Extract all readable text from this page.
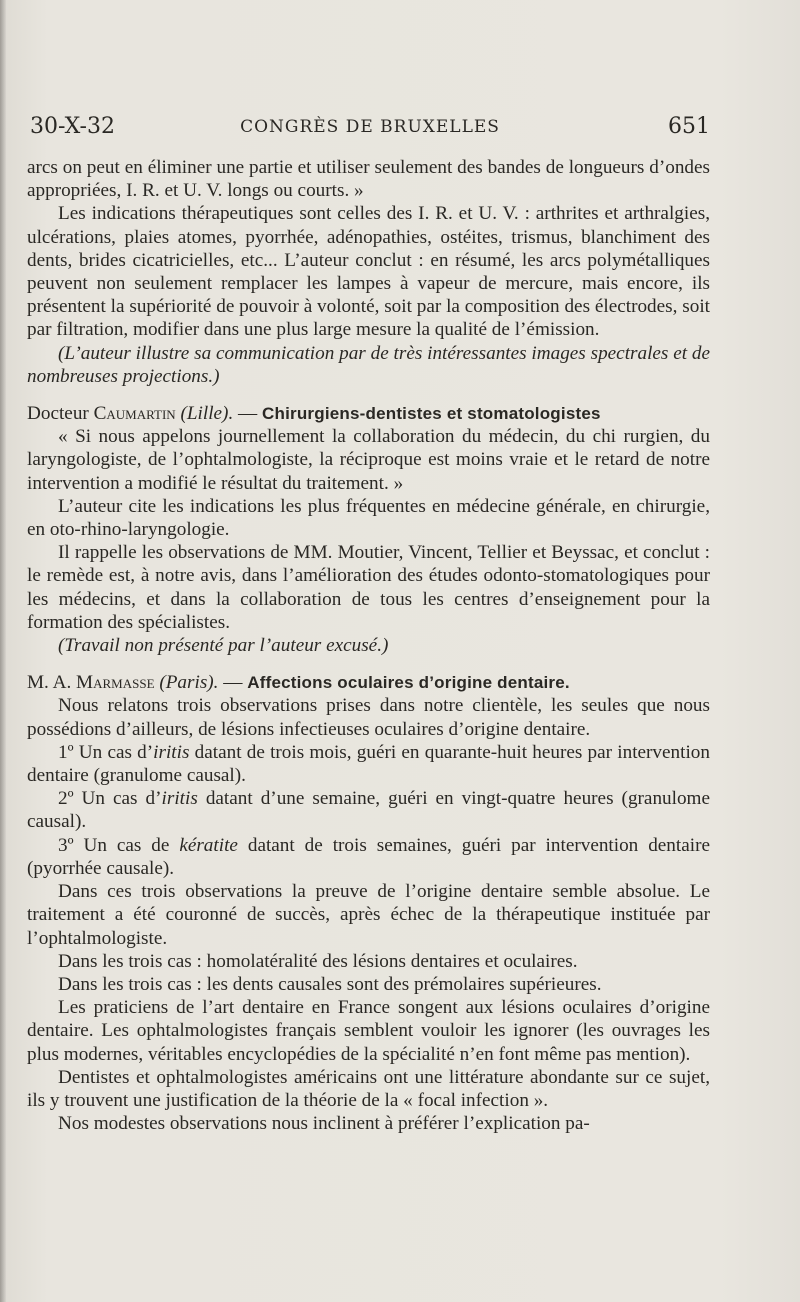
30-X-32	CONGRÈS DE BRUXELLES	651

arcs on peut en éliminer une partie et utiliser seulement des bandes de longueurs d’ondes appropriées, I. R. et U. V. longs ou courts. »

Les indications thérapeutiques sont celles des I. R. et U. V. : arthrites et arthralgies, ulcérations, plaies atomes, pyorrhée, adénopathies, ostéites, trismus, blanchiment des dents, brides cicatricielles, etc... L’auteur conclut : en résumé, les arcs polymétalliques peuvent non seulement remplacer les lampes à vapeur de mercure, mais encore, ils présentent la supériorité de pouvoir à volonté, soit par la composition des électrodes, soit par filtration, modifier dans une plus large mesure la qualité de l’émission.

(L’auteur illustre sa communication par de très intéressantes images spectrales et de nombreuses projections.)

Docteur Caumartin (Lille). — Chirurgiens-dentistes et stomatologistes

« Si nous appelons journellement la collaboration du médecin, du chi rurgien, du laryngologiste, de l’ophtalmologiste, la réciproque est moins vraie et le retard de notre intervention a modifié le résultat du traitement. »

L’auteur cite les indications les plus fréquentes en médecine générale, en chirurgie, en oto-rhino-laryngologie.

Il rappelle les observations de MM. Moutier, Vincent, Tellier et Beyssac, et conclut : le remède est, à notre avis, dans l’amélioration des études odonto-stomatologiques pour les médecins, et dans la collaboration de tous les centres d’enseignement pour la formation des spécialistes.

(Travail non présenté par l’auteur excusé.)

M. A. Marmasse (Paris). — Affections oculaires d’origine dentaire.

Nous relatons trois observations prises dans notre clientèle, les seules que nous possédions d’ailleurs, de lésions infectieuses oculaires d’origine dentaire.

1º Un cas d’iritis datant de trois mois, guéri en quarante-huit heures par intervention dentaire (granulome causal).

2º Un cas d’iritis datant d’une semaine, guéri en vingt-quatre heures (granulome causal).

3º Un cas de kératite datant de trois semaines, guéri par intervention dentaire (pyorrhée causale).

Dans ces trois observations la preuve de l’origine dentaire semble absolue. Le traitement a été couronné de succès, après échec de la thérapeutique instituée par l’ophtalmologiste.

Dans les trois cas : homolatéralité des lésions dentaires et oculaires.

Dans les trois cas : les dents causales sont des prémolaires supérieures.

Les praticiens de l’art dentaire en France songent aux lésions oculaires d’origine dentaire. Les ophtalmologistes français semblent vouloir les ignorer (les ouvrages les plus modernes, véritables encyclopédies de la spécialité n’en font même pas mention).

Dentistes et ophtalmologistes américains ont une littérature abondante sur ce sujet, ils y trouvent une justification de la théorie de la « focal infection ».

Nos modestes observations nous inclinent à préférer l’explication pa-
